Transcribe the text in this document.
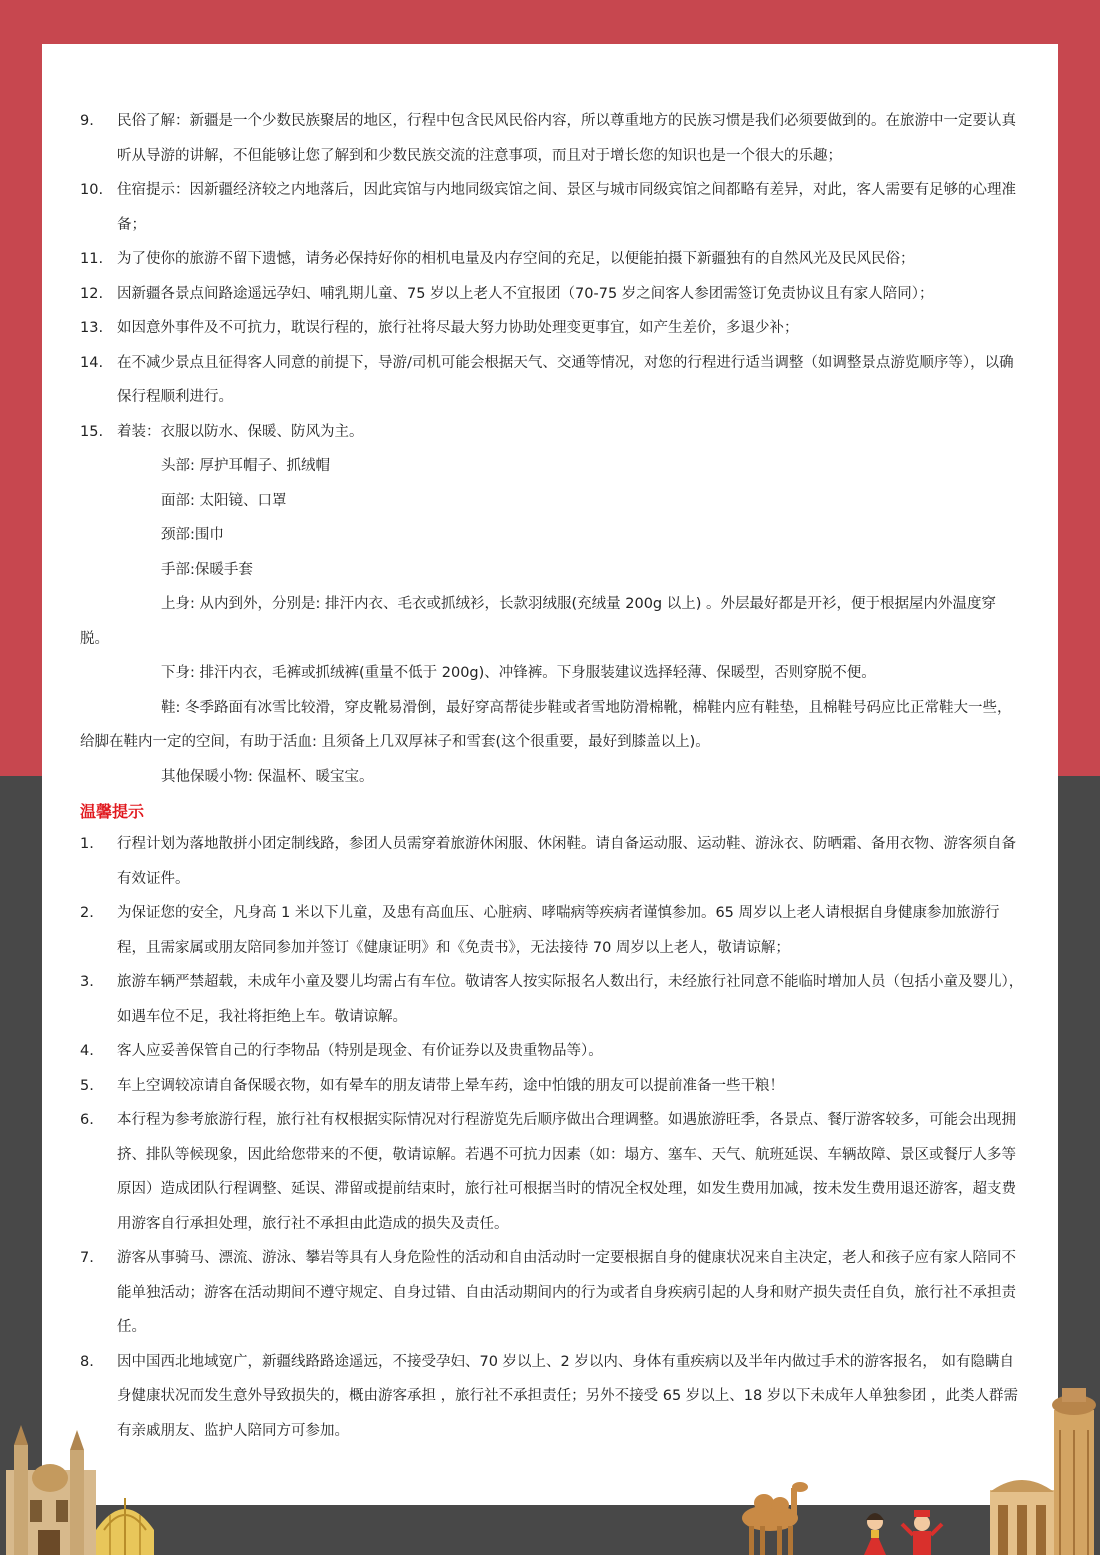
9. 民俗了解：新疆是一个少数民族聚居的地区，行程中包含民风民俗内容，所以尊重地方的民族习惯是我们必须要做到的。在旅游中一定要认真听从导游的讲解，不但能够让您了解到和少数民族交流的注意事项，而且对于增长您的知识也是一个很大的乐趣；
10. 住宿提示：因新疆经济较之内地落后，因此宾馆与内地同级宾馆之间、景区与城市同级宾馆之间都略有差异，对此，客人需要有足够的心理准备；
11. 为了使你的旅游不留下遗憾，请务必保持好你的相机电量及内存空间的充足，以便能拍摄下新疆独有的自然风光及民风民俗；
12. 因新疆各景点间路途遥远孕妇、哺乳期儿童、75 岁以上老人不宜报团（70-75 岁之间客人参团需签订免责协议且有家人陪同）；
13. 如因意外事件及不可抗力，耽误行程的，旅行社将尽最大努力协助处理变更事宜，如产生差价，多退少补；
14. 在不减少景点且征得客人同意的前提下，导游/司机可能会根据天气、交通等情况，对您的行程进行适当调整（如调整景点游览顺序等），以确保行程顺利进行。
15. 着装：衣服以防水、保暖、防风为主。
头部: 厚护耳帽子、抓绒帽
面部: 太阳镜、口罩
颈部:围巾
手部:保暖手套
上身: 从内到外，分别是: 排汗内衣、毛衣或抓绒衫，长款羽绒服(充绒量 200g 以上) 。外层最好都是开衫，便于根据屋内外温度穿脱。
下身: 排汗内衣，毛裤或抓绒裤(重量不低于 200g)、冲锋裤。下身服装建议选择轻薄、保暖型，否则穿脱不便。
鞋: 冬季路面有冰雪比较滑，穿皮靴易滑倒，最好穿高帮徒步鞋或者雪地防滑棉靴，棉鞋内应有鞋垫，且棉鞋号码应比正常鞋大一些，给脚在鞋内一定的空间，有助于活血: 且须备上几双厚袜子和雪套(这个很重要，最好到膝盖以上)。
其他保暖小物: 保温杯、暖宝宝。
温馨提示
1. 行程计划为落地散拼小团定制线路，参团人员需穿着旅游休闲服、休闲鞋。请自备运动服、运动鞋、游泳衣、防晒霜、备用衣物、游客须自备有效证件。
2. 为保证您的安全，凡身高 1 米以下儿童，及患有高血压、心脏病、哮喘病等疾病者谨慎参加。65 周岁以上老人请根据自身健康参加旅游行程，且需家属或朋友陪同参加并签订《健康证明》和《免责书》，无法接待 70 周岁以上老人，敬请谅解；
3. 旅游车辆严禁超载，未成年小童及婴儿均需占有车位。敬请客人按实际报名人数出行，未经旅行社同意不能临时增加人员（包括小童及婴儿），如遇车位不足，我社将拒绝上车。敬请谅解。
4. 客人应妥善保管自己的行李物品（特别是现金、有价证券以及贵重物品等）。
5. 车上空调较凉请自备保暖衣物，如有晕车的朋友请带上晕车药，途中怕饿的朋友可以提前准备一些干粮！
6. 本行程为参考旅游行程，旅行社有权根据实际情况对行程游览先后顺序做出合理调整。如遇旅游旺季，各景点、餐厅游客较多，可能会出现拥挤、排队等候现象，因此给您带来的不便，敬请谅解。若遇不可抗力因素（如：塌方、塞车、天气、航班延误、车辆故障、景区或餐厅人多等原因）造成团队行程调整、延误、滞留或提前结束时，旅行社可根据当时的情况全权处理，如发生费用加减，按未发生费用退还游客，超支费用游客自行承担处理，旅行社不承担由此造成的损失及责任。
7. 游客从事骑马、漂流、游泳、攀岩等具有人身危险性的活动和自由活动时一定要根据自身的健康状况来自主决定，老人和孩子应有家人陪同不能单独活动；游客在活动期间不遵守规定、自身过错、自由活动期间内的行为或者自身疾病引起的人身和财产损失责任自负，旅行社不承担责任。
8. 因中国西北地域宽广，新疆线路路途遥远，不接受孕妇、70 岁以上、2 岁以内、身体有重疾病以及半年内做过手术的游客报名， 如有隐瞒自身健康状况而发生意外导致损失的，概由游客承担 ，旅行社不承担责任；另外不接受 65 岁以上、18 岁以下未成年人单独参团 ，此类人群需有亲戚朋友、监护人陪同方可参加。
